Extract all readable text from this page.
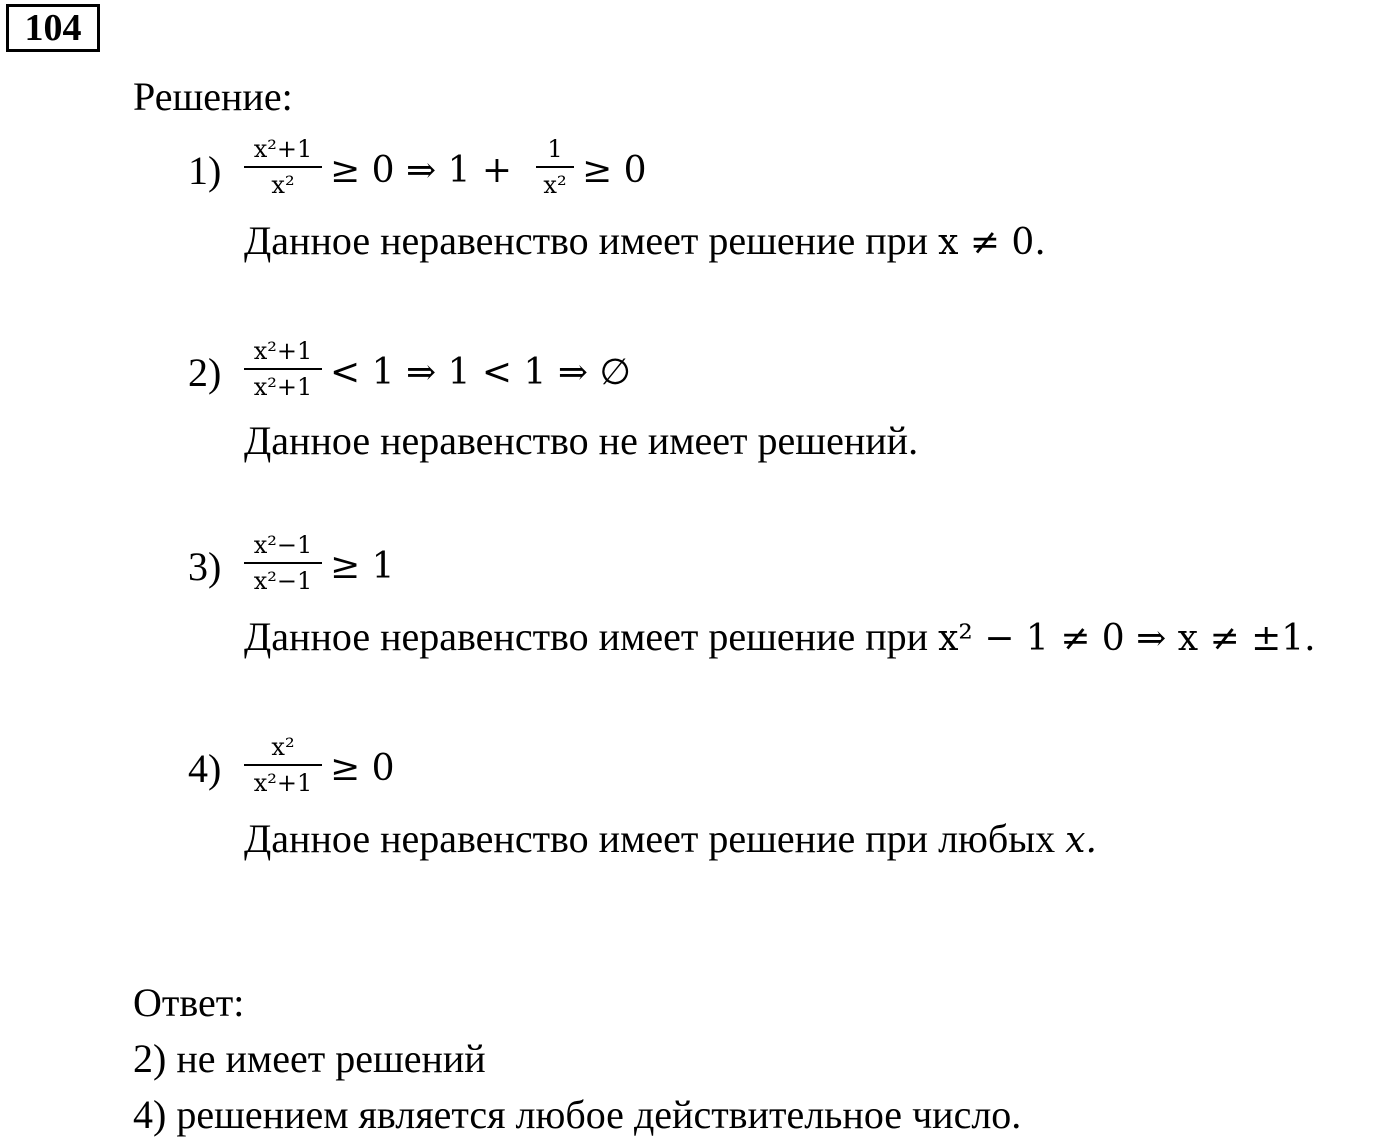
104
Решение:
1)	x²+1
x² ≥ 0 ⇒ 1 +
1
x² ≥ 0
Данное неравенство имеет решение при x ≠ 0.
2)	x²+1
x²+1 < 1 ⇒ 1 < 1 ⇒ ∅
Данное неравенство не имеет решений.
3)	x²−1
x²−1 ≥ 1
Данное неравенство имеет решение при x² − 1 ≠ 0 ⇒ x ≠ ±1.
4)	x²
x²+1 ≥ 0
Данное неравенство имеет решение при любых x.
Ответ:
2) не имеет решений
4) решением является любое действительное число.
